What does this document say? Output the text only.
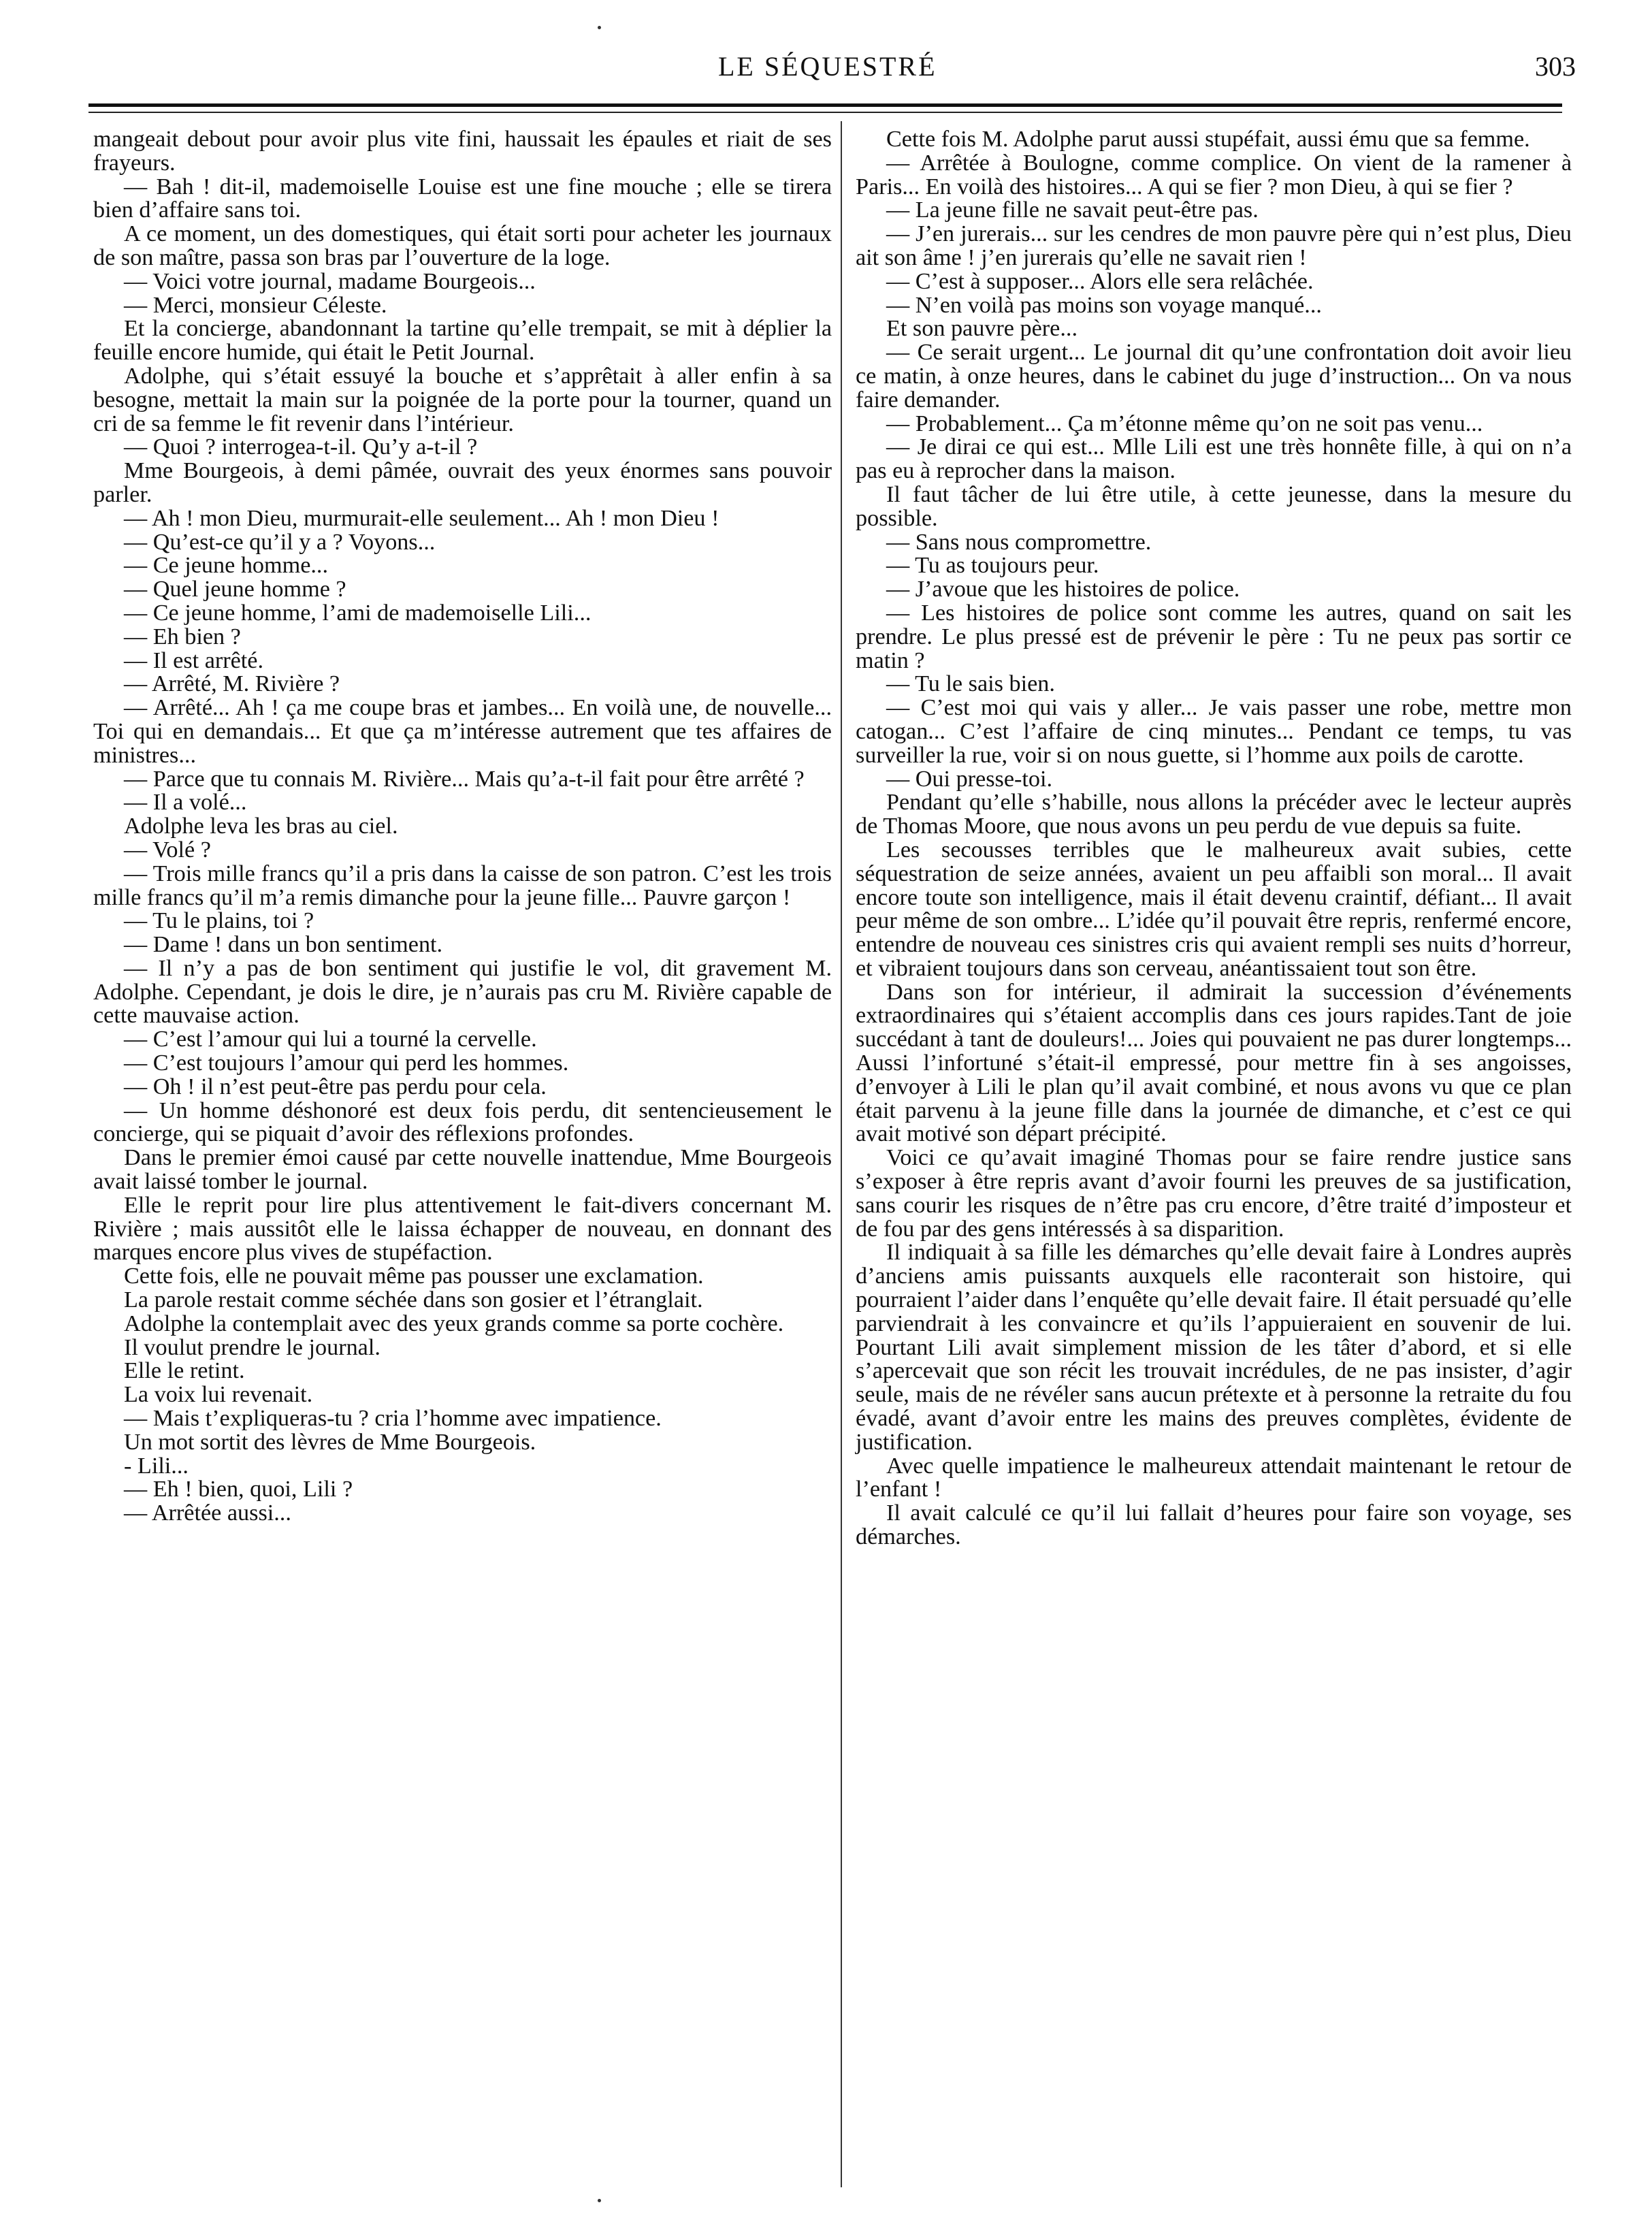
LE SÉQUESTRÉ	303

mangeait debout pour avoir plus vite fini, haussait les épaules et riait de ses frayeurs.

— Bah ! dit-il, mademoiselle Louise est une fine mouche ; elle se tirera bien d’affaire sans toi.

A ce moment, un des domestiques, qui était sorti pour acheter les journaux de son maître, passa son bras par l’ouverture de la loge.

— Voici votre journal, madame Bourgeois...

— Merci, monsieur Céleste.

Et la concierge, abandonnant la tartine qu’elle trempait, se mit à déplier la feuille encore humide, qui était le Petit Journal.

Adolphe, qui s’était essuyé la bouche et s’apprêtait à aller enfin à sa besogne, mettait la main sur la poignée de la porte pour la tourner, quand un cri de sa femme le fit revenir dans l’intérieur.

— Quoi ? interrogea-t-il. Qu’y a-t-il ?

Mme Bourgeois, à demi pâmée, ouvrait des yeux énormes sans pouvoir parler.

— Ah ! mon Dieu, murmurait-elle seulement... Ah ! mon Dieu !

— Qu’est-ce qu’il y a ? Voyons...

— Ce jeune homme...

— Quel jeune homme ?

— Ce jeune homme, l’ami de mademoiselle Lili...

— Eh bien ?

— Il est arrêté.

— Arrêté, M. Rivière ?

— Arrêté... Ah ! ça me coupe bras et jambes... En voilà une, de nouvelle... Toi qui en demandais... Et que ça m’intéresse autrement que tes affaires de ministres...

— Parce que tu connais M. Rivière... Mais qu’a-t-il fait pour être arrêté ?

— Il a volé...

Adolphe leva les bras au ciel.

— Volé ?

— Trois mille francs qu’il a pris dans la caisse de son patron. C’est les trois mille francs qu’il m’a remis dimanche pour la jeune fille... Pauvre garçon !

— Tu le plains, toi ?

— Dame ! dans un bon sentiment.

— Il n’y a pas de bon sentiment qui justifie le vol, dit gravement M. Adolphe. Cependant, je dois le dire, je n’aurais pas cru M. Rivière capable de cette mauvaise action.

— C’est l’amour qui lui a tourné la cervelle.

— C’est toujours l’amour qui perd les hommes.

— Oh ! il n’est peut-être pas perdu pour cela.

— Un homme déshonoré est deux fois perdu, dit sentencieusement le concierge, qui se piquait d’avoir des réflexions profondes.

Dans le premier émoi causé par cette nouvelle inattendue, Mme Bourgeois avait laissé tomber le journal.

Elle le reprit pour lire plus attentivement le fait-divers concernant M. Rivière ; mais aussitôt elle le laissa échapper de nouveau, en donnant des marques encore plus vives de stupéfaction.

Cette fois, elle ne pouvait même pas pousser une exclamation.

La parole restait comme séchée dans son gosier et l’étranglait.

Adolphe la contemplait avec des yeux grands comme sa porte cochère.

Il voulut prendre le journal.

Elle le retint.

La voix lui revenait.

— Mais t’expliqueras-tu ? cria l’homme avec impatience.

Un mot sortit des lèvres de Mme Bourgeois.

- Lili...

— Eh ! bien, quoi, Lili ?

— Arrêtée aussi...

Cette fois M. Adolphe parut aussi stupéfait, aussi ému que sa femme.

— Arrêtée à Boulogne, comme complice. On vient de la ramener à Paris... En voilà des histoires... A qui se fier ? mon Dieu, à qui se fier ?

— La jeune fille ne savait peut-être pas.

— J’en jurerais... sur les cendres de mon pauvre père qui n’est plus, Dieu ait son âme ! j’en jurerais qu’elle ne savait rien !

— C’est à supposer... Alors elle sera relâchée.

— N’en voilà pas moins son voyage manqué...

Et son pauvre père...

— Ce serait urgent... Le journal dit qu’une confrontation doit avoir lieu ce matin, à onze heures, dans le cabinet du juge d’instruction... On va nous faire demander.

— Probablement... Ça m’étonne même qu’on ne soit pas venu...

— Je dirai ce qui est... Mlle Lili est une très honnête fille, à qui on n’a pas eu à reprocher dans la maison.

Il faut tâcher de lui être utile, à cette jeunesse, dans la mesure du possible.

— Sans nous compromettre.

— Tu as toujours peur.

— J’avoue que les histoires de police.

— Les histoires de police sont comme les autres, quand on sait les prendre. Le plus pressé est de prévenir le père : Tu ne peux pas sortir ce matin ?

— Tu le sais bien.

— C’est moi qui vais y aller... Je vais passer une robe, mettre mon catogan... C’est l’affaire de cinq minutes... Pendant ce temps, tu vas surveiller la rue, voir si on nous guette, si l’homme aux poils de carotte.

— Oui presse-toi.

Pendant qu’elle s’habille, nous allons la précéder avec le lecteur auprès de Thomas Moore, que nous avons un peu perdu de vue depuis sa fuite.

Les secousses terribles que le malheureux avait subies, cette séquestration de seize années, avaient un peu affaibli son moral... Il avait encore toute son intelligence, mais il était devenu craintif, défiant... Il avait peur même de son ombre... L’idée qu’il pouvait être repris, renfermé encore, entendre de nouveau ces sinistres cris qui avaient rempli ses nuits d’horreur, et vibraient toujours dans son cerveau, anéantissaient tout son être.

Dans son for intérieur, il admirait la succession d’événements extraordinaires qui s’étaient accomplis dans ces jours rapides.Tant de joie succédant à tant de douleurs!... Joies qui pouvaient ne pas durer longtemps... Aussi l’infortuné s’était-il empressé, pour mettre fin à ses angoisses, d’envoyer à Lili le plan qu’il avait combiné, et nous avons vu que ce plan était parvenu à la jeune fille dans la journée de dimanche, et c’est ce qui avait motivé son départ précipité.

Voici ce qu’avait imaginé Thomas pour se faire rendre justice sans s’exposer à être repris avant d’avoir fourni les preuves de sa justification, sans courir les risques de n’être pas cru encore, d’être traité d’imposteur et de fou par des gens intéressés à sa disparition.

Il indiquait à sa fille les démarches qu’elle devait faire à Londres auprès d’anciens amis puissants auxquels elle raconterait son histoire, qui pourraient l’aider dans l’enquête qu’elle devait faire. Il était persuadé qu’elle parviendrait à les convaincre et qu’ils l’appuieraient en souvenir de lui. Pourtant Lili avait simplement mission de les tâter d’abord, et si elle s’apercevait que son récit les trouvait incrédules, de ne pas insister, d’agir seule, mais de ne révéler sans aucun prétexte et à personne la retraite du fou évadé, avant d’avoir entre les mains des preuves complètes, évidente de justification.

Avec quelle impatience le malheureux attendait maintenant le retour de l’enfant !

Il avait calculé ce qu’il lui fallait d’heures pour faire son voyage, ses démarches.
